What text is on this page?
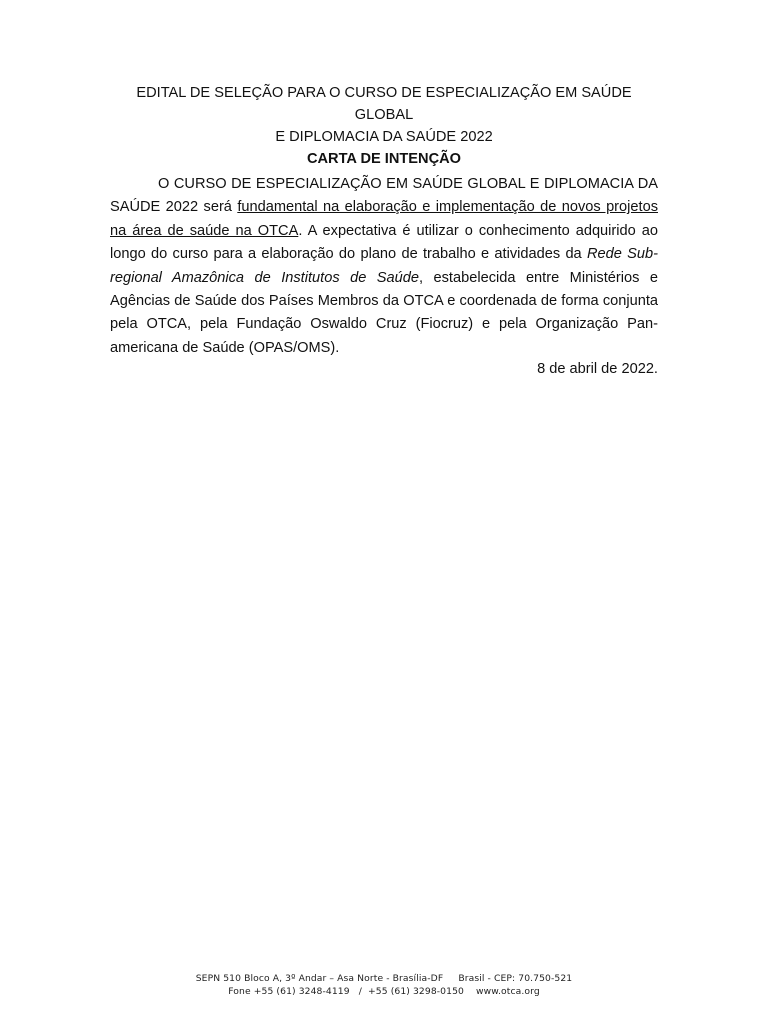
EDITAL DE SELEÇÃO PARA O CURSO DE ESPECIALIZAÇÃO EM SAÚDE GLOBAL
E DIPLOMACIA DA SAÚDE 2022
CARTA DE INTENÇÃO

O CURSO DE ESPECIALIZAÇÃO EM SAÚDE GLOBAL E DIPLOMACIA DA SAÚDE 2022 será fundamental na elaboração e implementação de novos projetos na área de saúde na OTCA. A expectativa é utilizar o conhecimento adquirido ao longo do curso para a elaboração do plano de trabalho e atividades da Rede Sub-regional Amazônica de Institutos de Saúde, estabelecida entre Ministérios e Agências de Saúde dos Países Membros da OTCA e coordenada de forma conjunta pela OTCA, pela Fundação Oswaldo Cruz (Fiocruz) e pela Organização Pan-americana de Saúde (OPAS/OMS).

8 de abril de 2022.
SEPN 510 Bloco A, 3º Andar – Asa Norte - Brasília-DF     Brasil - CEP: 70.750-521
Fone +55 (61) 3248-4119   /  +55 (61) 3298-0150    www.otca.org
